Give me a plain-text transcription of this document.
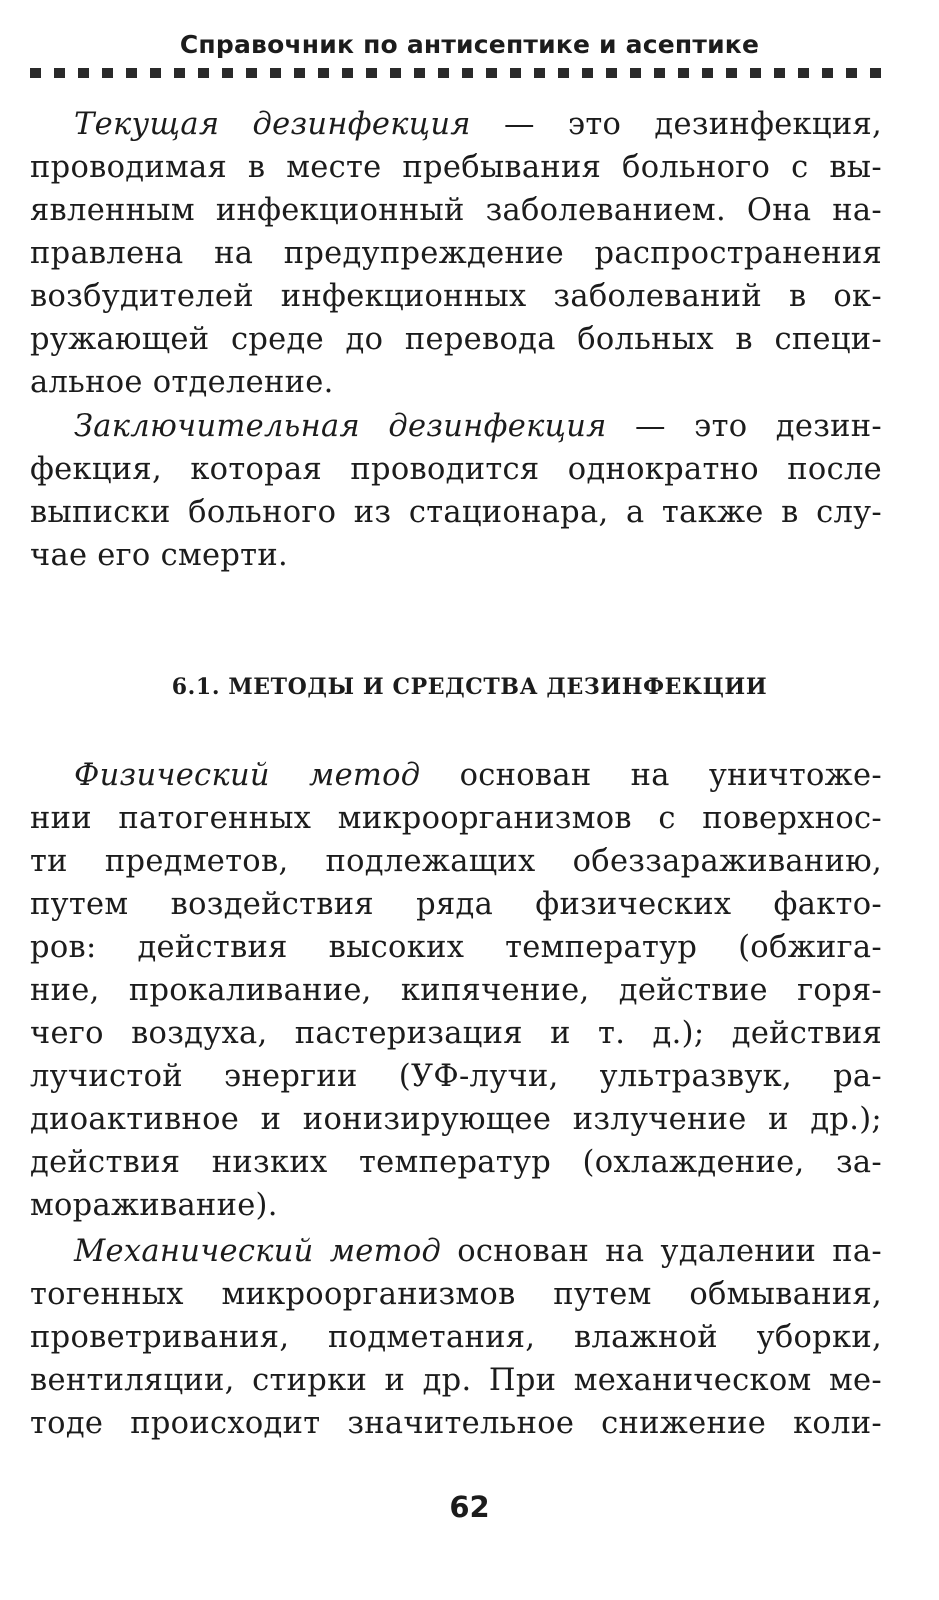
Справочник по антисептике и асептике
Текущая дезинфекция — это дезинфекция,
проводимая в месте пребывания больного с вы-
явленным инфекционный заболеванием. Она на-
правлена на предупреждение распространения
возбудителей инфекционных заболеваний в ок-
ружающей среде до перевода больных в специ-
альное отделение.
Заключительная дезинфекция — это дезин-
фекция, которая проводится однократно после
выписки больного из стационара, а также в слу-
чае его смерти.
6.1. МЕТОДЫ И СРЕДСТВА ДЕЗИНФЕКЦИИ
Физический метод основан на уничтоже-
нии патогенных микроорганизмов с поверхнос-
ти предметов, подлежащих обеззараживанию,
путем воздействия ряда физических факто-
ров: действия высоких температур (обжига-
ние, прокаливание, кипячение, действие горя-
чего воздуха, пастеризация и т. д.); действия
лучистой энергии (УФ-лучи, ультразвук, ра-
диоактивное и ионизирующее излучение и др.);
действия низких температур (охлаждение, за-
мораживание).
Механический метод основан на удалении па-
тогенных микроорганизмов путем обмывания,
проветривания, подметания, влажной уборки,
вентиляции, стирки и др. При механическом ме-
тоде происходит значительное снижение коли-
62
